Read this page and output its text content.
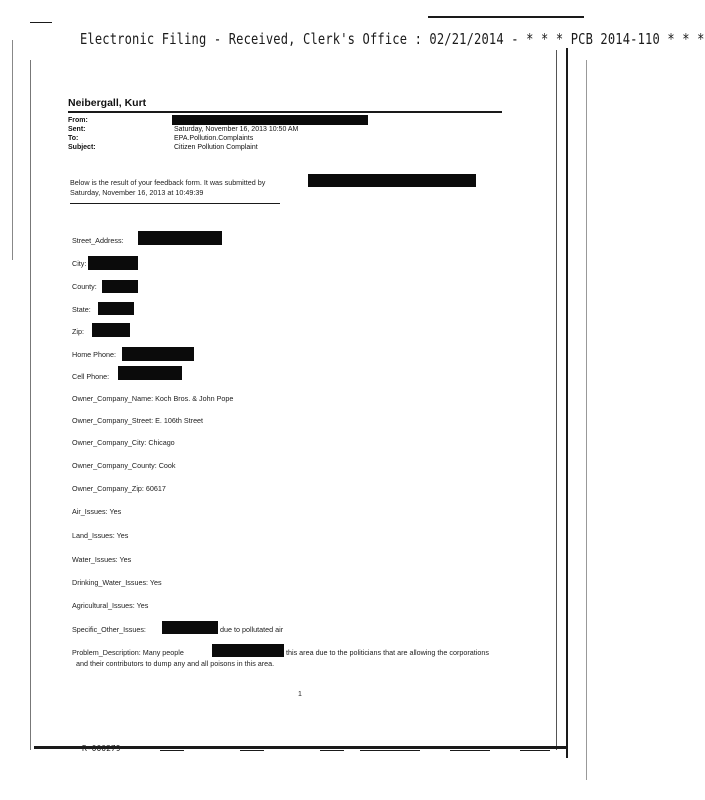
Electronic Filing - Received, Clerk's Office : 02/21/2014 - * * * PCB 2014-110 * * *
Neibergall, Kurt
From:
Sent:
To:
Subject:
Saturday, November 16, 2013 10:50 AM
EPA.Pollution.Complaints
Citizen Pollution Complaint
Below is the result of your feedback form. It was submitted by
Saturday, November 16, 2013 at 10:49:39
Street_Address:
City:
County:
State:
Zip:
Home Phone:
Cell Phone:
Owner_Company_Name: Koch Bros. & John Pope
Owner_Company_Street: E. 106th Street
Owner_Company_City: Chicago
Owner_Company_County: Cook
Owner_Company_Zip: 60617
Air_Issues: Yes
Land_Issues: Yes
Water_Issues: Yes
Drinking_Water_Issues: Yes
Agricultural_Issues: Yes
Specific_Other_Issues:	due to pollutated air
Problem_Description: Many people	this area due to the politicians that are allowing the corporations
and their contributors to dump any and all poisons in this area.
1
R-000279
